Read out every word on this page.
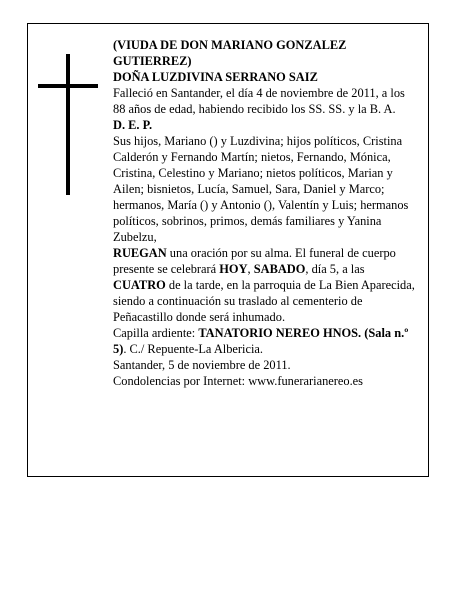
(VIUDA DE DON MARIANO GONZALEZ GUTIERREZ)

DOÑA LUZDIVINA SERRANO SAIZ

Falleció en Santander, el día 4 de noviembre de 2011, a los 88 años de edad, habiendo recibido los SS. SS. y la B. A.

D. E. P.

Sus hijos, Mariano () y Luzdivina; hijos políticos, Cristina Calderón y Fernando Martín; nietos, Fernando, Mónica, Cristina, Celestino y Mariano; nietos políticos, Marian y Ailen; bisnietos, Lucía, Samuel, Sara, Daniel y Marco; hermanos, María () y Antonio (), Valentín y Luis; hermanos políticos, sobrinos, primos, demás familiares y Yanina Zubelzu,

RUEGAN una oración por su alma. El funeral de cuerpo presente se celebrará HOY, SABADO, día 5, a las CUATRO de la tarde, en la parroquia de La Bien Aparecida, siendo a continuación su traslado al cementerio de Peñacastillo donde será inhumado.

Capilla ardiente: TANATORIO NEREO HNOS. (Sala n.º 5). C./ Repuente-La Albericia.

Santander, 5 de noviembre de 2011.

Condolencias por Internet: www.funerarianereo.es
